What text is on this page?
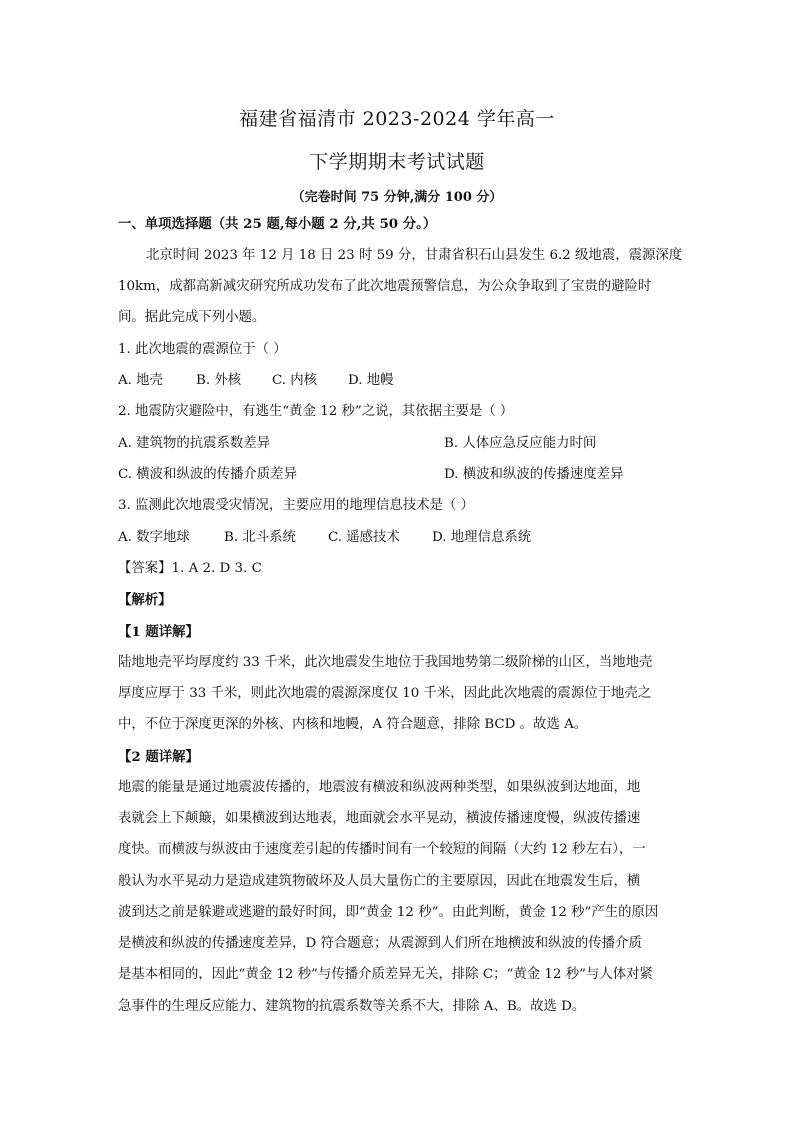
福建省福清市 2023-2024 学年高一
下学期期末考试试题
（完卷时间 75 分钟,满分 100 分）
一、单项选择题（共 25 题,每小题 2 分,共 50 分。）
北京时间 2023 年 12 月 18 日 23 时 59 分，甘肃省积石山县发生 6.2 级地震，震源深度
10km，成都高新减灾研究所成功发布了此次地震预警信息，为公众争取到了宝贵的避险时
间。据此完成下列小题。
1. 此次地震的震源位于（ ）
A. 地壳 B. 外核 C. 内核 D. 地幔
2. 地震防灾避险中，有逃生“黄金 12 秒”之说，其依据主要是（ ）
A. 建筑物的抗震系数差异	B. 人体应急反应能力时间
C. 横波和纵波的传播介质差异	D. 横波和纵波的传播速度差异
3. 监测此次地震受灾情况，主要应用的地理信息技术是（ ）
A. 数字地球	B. 北斗系统 C. 遥感技术 D. 地理信息系统
【答案】1. A 2. D 3. C
【解析】
【1 题详解】
陆地地壳平均厚度约 33 千米，此次地震发生地位于我国地势第二级阶梯的山区，当地地壳
厚度应厚于 33 千米，则此次地震的震源深度仅 10 千米，因此此次地震的震源位于地壳之
中，不位于深度更深的外核、内核和地幔，A 符合题意，排除 BCD 。故选 A。
【2 题详解】
地震的能量是通过地震波传播的，地震波有横波和纵波两种类型，如果纵波到达地面，地
表就会上下颠簸，如果横波到达地表，地面就会水平晃动，横波传播速度慢，纵波传播速
度快。而横波与纵波由于速度差引起的传播时间有一个较短的间隔（大约 12 秒左右），一
般认为水平晃动力是造成建筑物破坏及人员大量伤亡的主要原因，因此在地震发生后，横
波到达之前是躲避或逃避的最好时间，即“黄金 12 秒”。由此判断，黄金 12 秒”产生的原因
是横波和纵波的传播速度差异，D 符合题意；从震源到人们所在地横波和纵波的传播介质
是基本相同的，因此“黄金 12 秒”与传播介质差异无关，排除 C；“黄金 12 秒”与人体对紧
急事件的生理反应能力、建筑物的抗震系数等关系不大，排除 A、B。故选 D。
